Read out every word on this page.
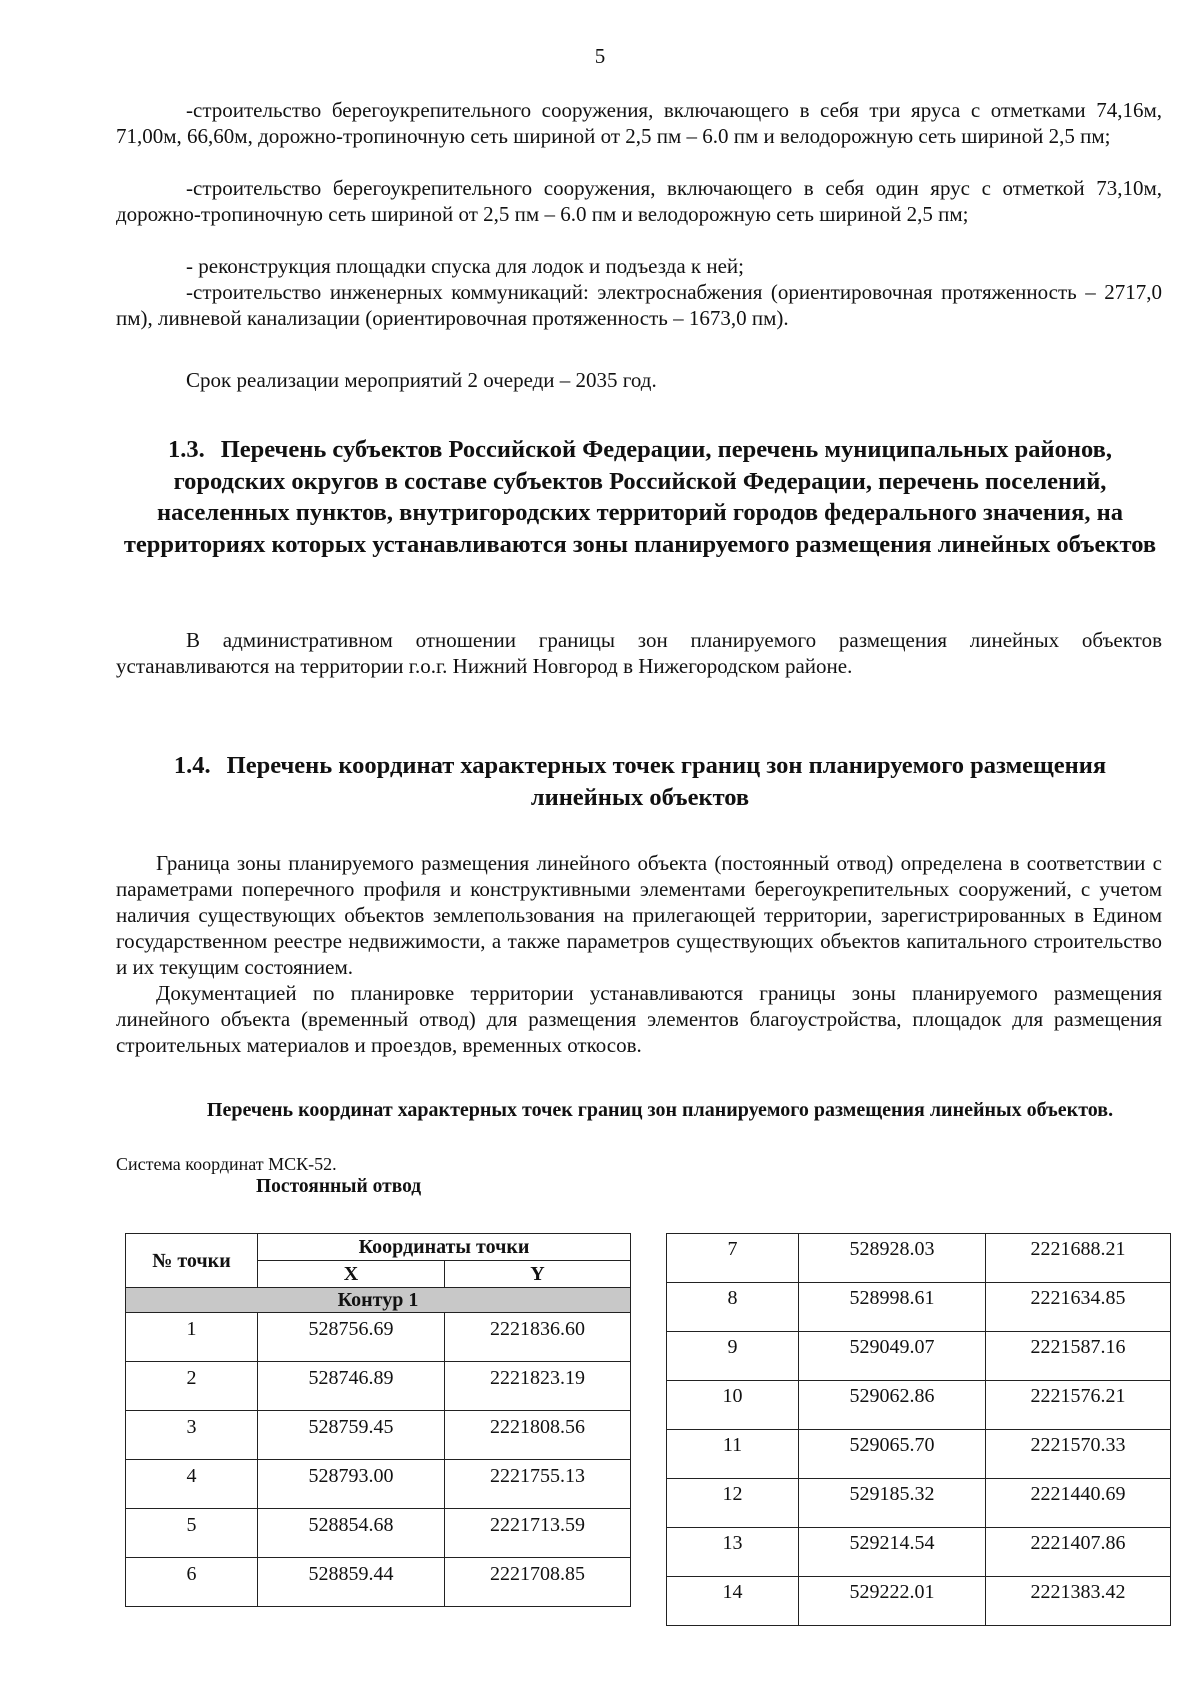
5

-строительство берегоукрепительного сооружения, включающего в себя три яруса с отметками 74,16м, 71,00м, 66,60м, дорожно-тропиночную сеть шириной от 2,5 пм – 6.0 пм и велодорожную сеть шириной 2,5 пм;

-строительство берегоукрепительного сооружения, включающего в себя один ярус с отметкой 73,10м, дорожно-тропиночную сеть шириной от 2,5 пм – 6.0 пм и велодорожную сеть шириной 2,5 пм;

- реконструкция площадки спуска для лодок и подъезда к ней;

-строительство инженерных коммуникаций: электроснабжения (ориентировочная протяженность – 2717,0 пм), ливневой канализации (ориентировочная протяженность – 1673,0 пм).

Срок реализации мероприятий 2 очереди – 2035 год.

1.3. Перечень субъектов Российской Федерации, перечень муниципальных районов, городских округов в составе субъектов Российской Федерации, перечень поселений, населенных пунктов, внутригородских территорий городов федерального значения, на территориях которых устанавливаются зоны планируемого размещения линейных объектов

В административном отношении границы зон планируемого размещения линейных объектов устанавливаются на территории г.о.г. Нижний Новгород в Нижегородском районе.

1.4. Перечень координат характерных точек границ зон планируемого размещения линейных объектов

Граница зоны планируемого размещения линейного объекта (постоянный отвод) определена в соответствии с параметрами поперечного профиля и конструктивными элементами берегоукрепительных сооружений, с учетом наличия существующих объектов землепользования на прилегающей территории, зарегистрированных в Едином государственном реестре недвижимости, а также параметров существующих объектов капитального строительство и их текущим состоянием.

Документацией по планировке территории устанавливаются границы зоны планируемого размещения линейного объекта (временный отвод) для размещения элементов благоустройства, площадок для размещения строительных материалов и проездов, временных откосов.

Перечень координат характерных точек границ зон планируемого размещения линейных объектов.

Система координат МСК-52.

Постоянный отвод

№ точки	Координаты точки	
	X	Y
Контур 1		
1	528756.69	2221836.60
2	528746.89	2221823.19
3	528759.45	2221808.56
4	528793.00	2221755.13
5	528854.68	2221713.59
6	528859.44	2221708.85
7	528928.03	2221688.21
8	528998.61	2221634.85
9	529049.07	2221587.16
10	529062.86	2221576.21
11	529065.70	2221570.33
12	529185.32	2221440.69
13	529214.54	2221407.86
14	529222.01	2221383.42
